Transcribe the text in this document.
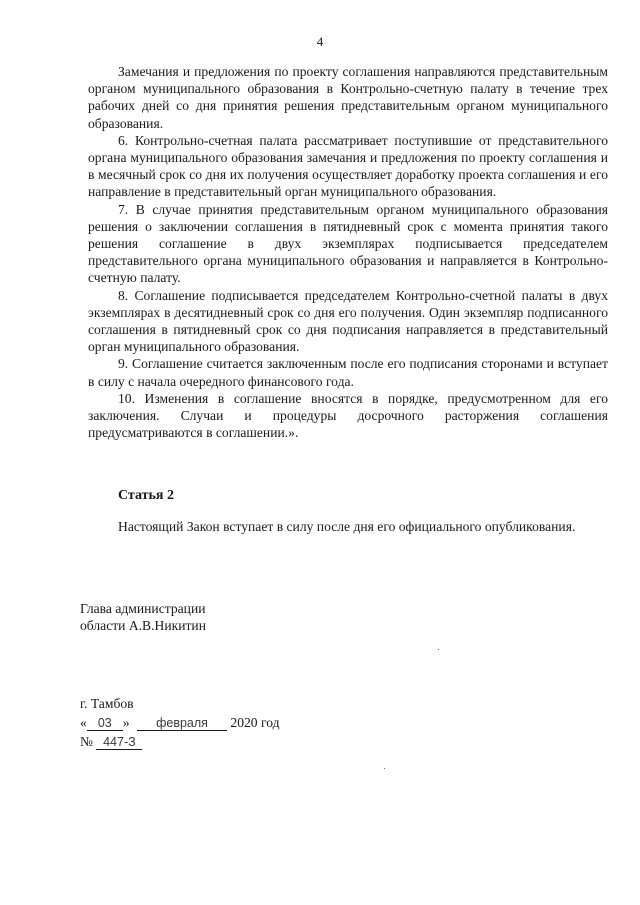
4

Замечания и предложения по проекту соглашения направляются представительным органом муниципального образования в Контрольно-счетную палату в течение трех рабочих дней со дня принятия решения представительным органом муниципального образования.

6. Контрольно-счетная палата рассматривает поступившие от представительного органа муниципального образования замечания и предложения по проекту соглашения и в месячный срок со дня их получения осуществляет доработку проекта соглашения и его направление в представительный орган муниципального образования.

7. В случае принятия представительным органом муниципального образования решения о заключении соглашения в пятидневный срок с момента принятия такого решения соглашение в двух экземплярах подписывается председателем представительного органа муниципального образования и направляется в Контрольно-счетную палату.

8. Соглашение подписывается председателем Контрольно-счетной палаты в двух экземплярах в десятидневный срок со дня его получения. Один экземпляр подписанного соглашения в пятидневный срок со дня подписания направляется в представительный орган муниципального образования.

9. Соглашение считается заключенным после его подписания сторонами и вступает в силу с начала очередного финансового года.

10. Изменения в соглашение вносятся в порядке, предусмотренном для его заключения. Случаи и процедуры досрочного расторжения соглашения предусматриваются в соглашении.».

Статья 2

Настоящий Закон вступает в силу после дня его официального опубликования.

Глава администрации
области А.В.Никитин
г. Тамбов
« 03 » февраля 2020 год
№ 447-З
